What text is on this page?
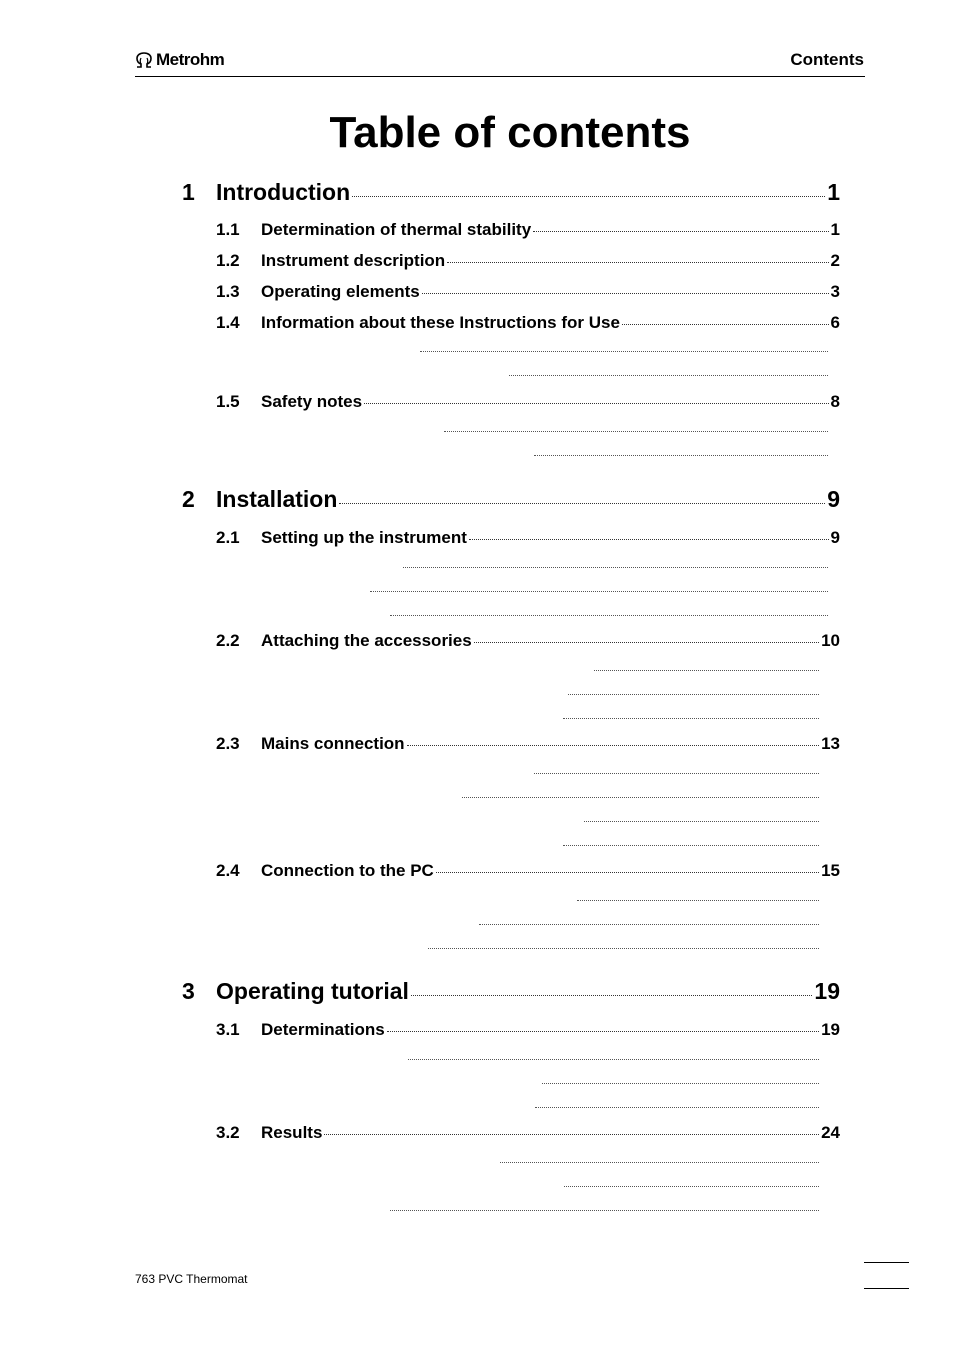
Metrohm	Contents
Table of contents
1 Introduction	1
1.1	Determination of thermal stability	1
1.2	Instrument description	2
1.3	Operating elements	3
1.4	Information about these Instructions for Use	6
1.5	Safety notes	8
2 Installation	9
2.1	Setting up the instrument	9
2.2	Attaching the accessories	10
2.3	Mains connection	13
2.4	Connection to the PC	15
3 Operating tutorial	19
3.1	Determinations	19
3.2	Results	24
763 PVC Thermomat
